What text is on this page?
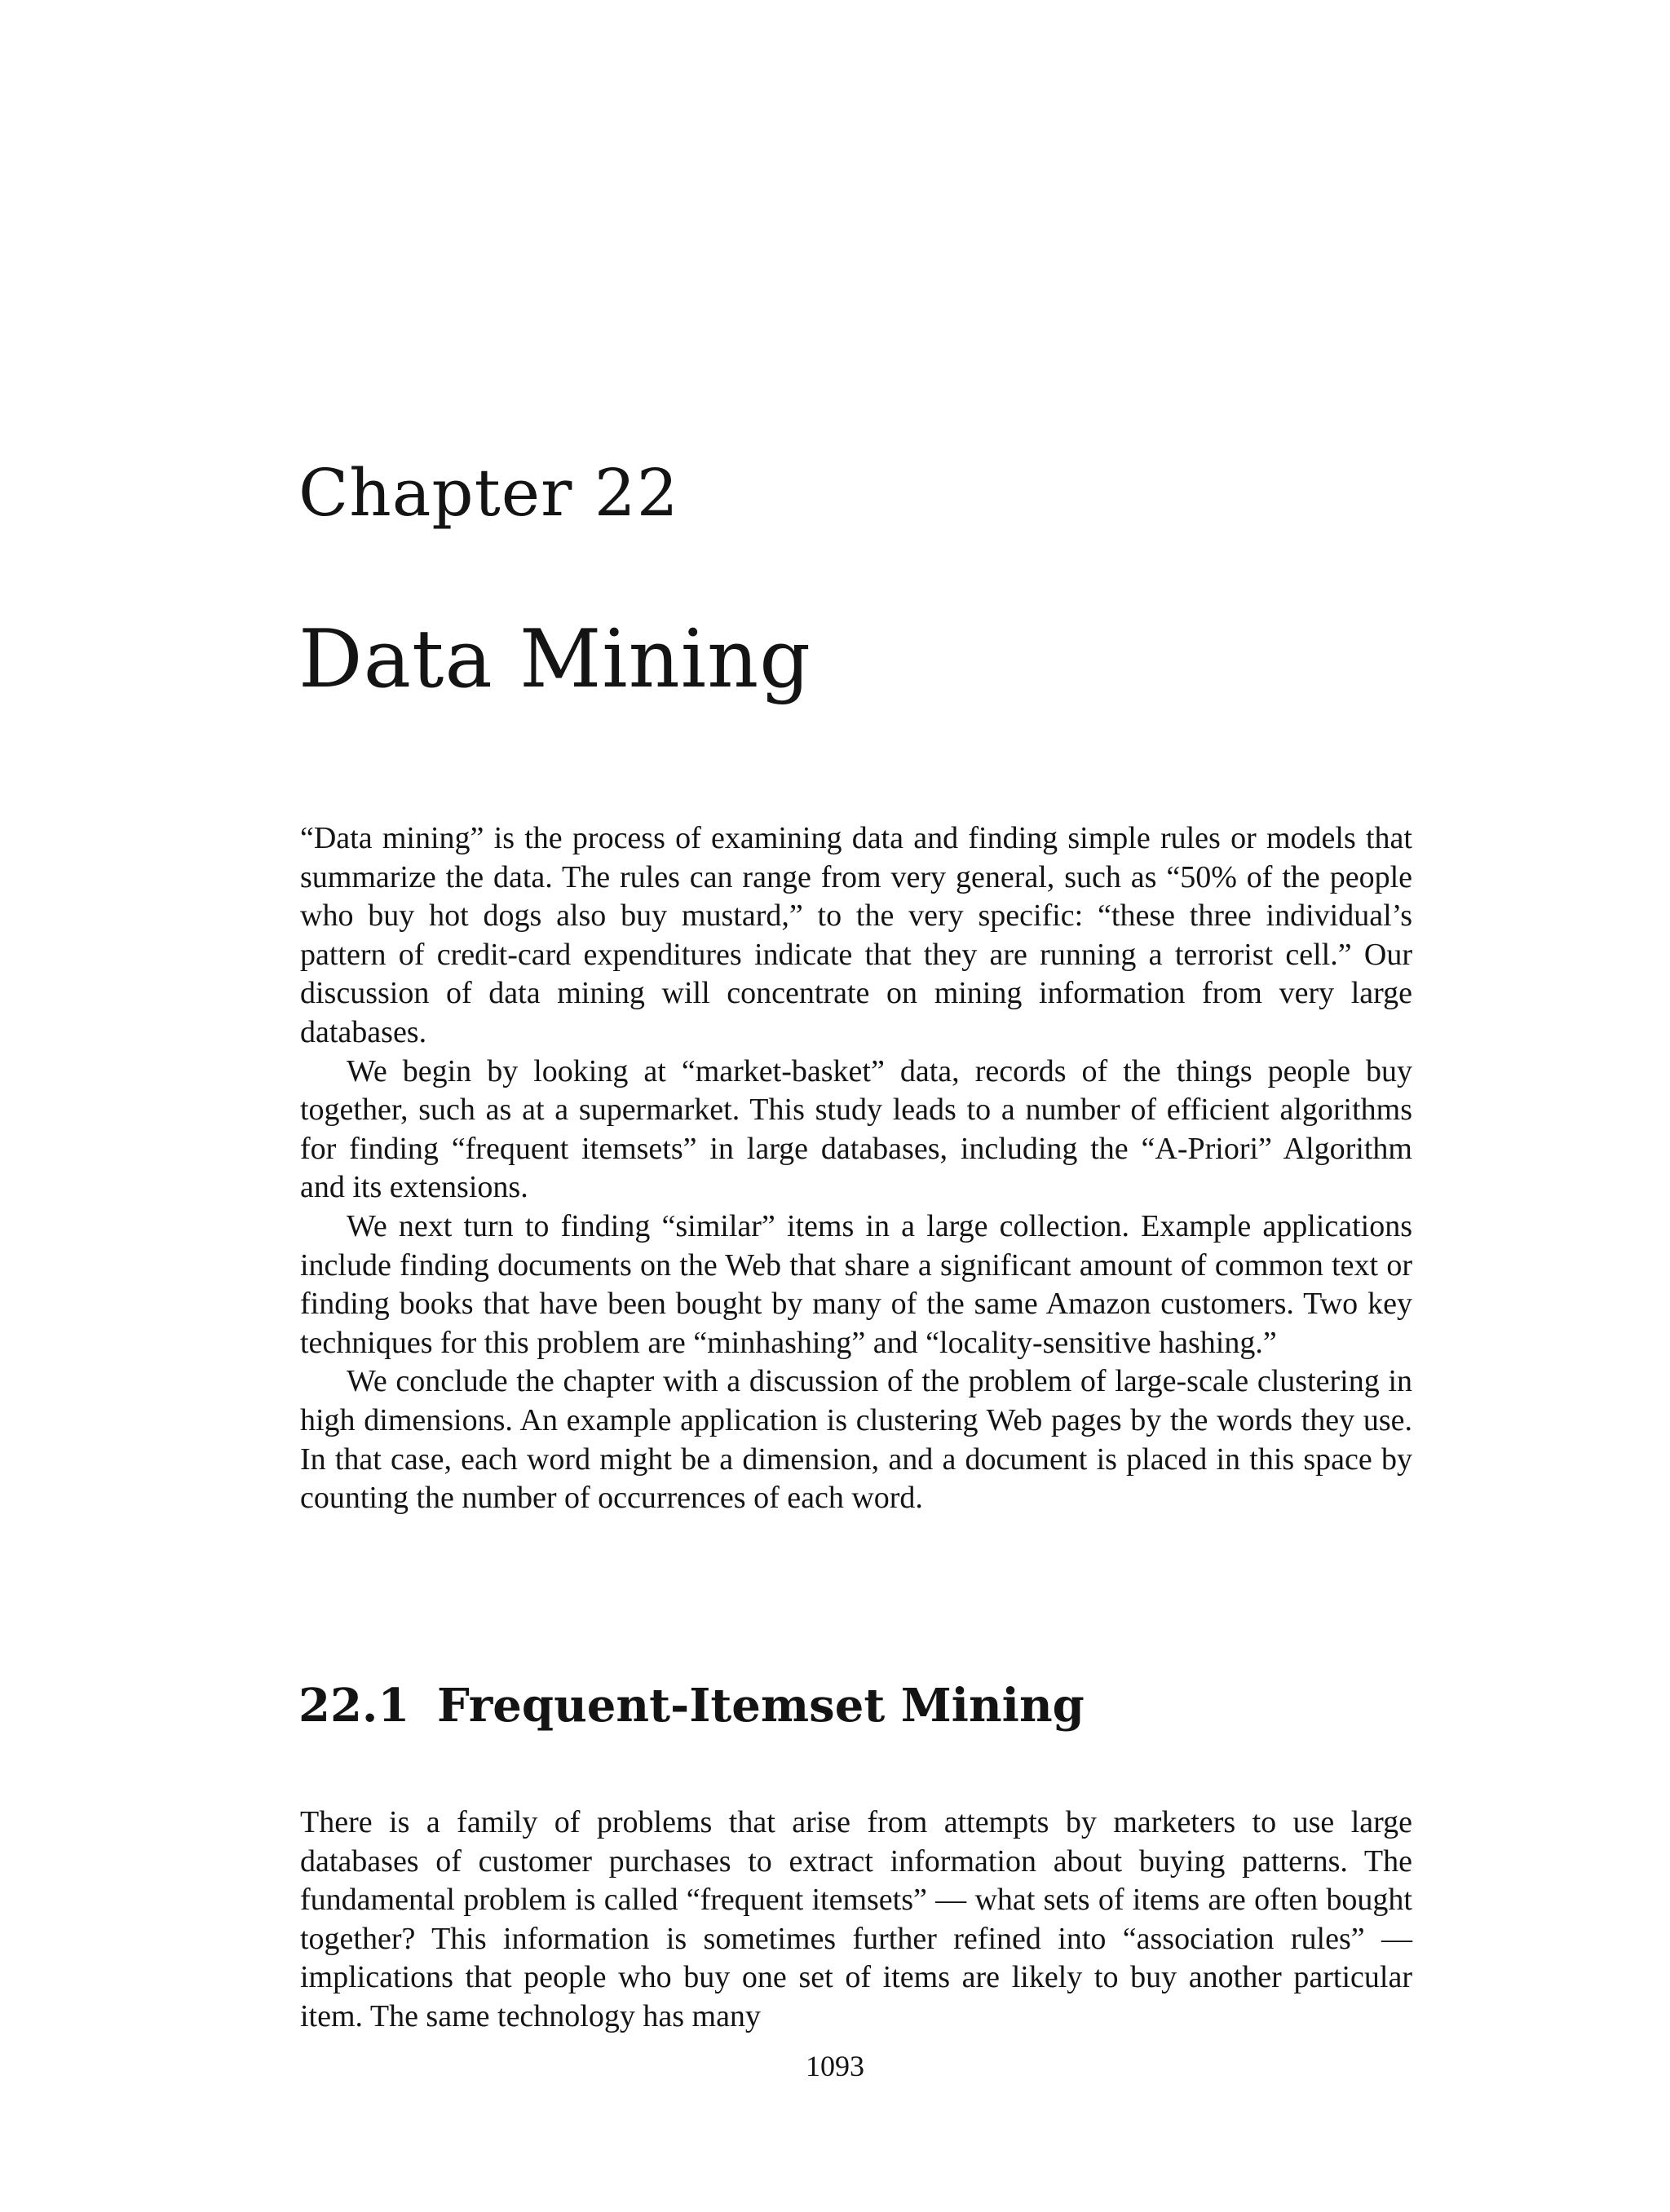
Chapter 22
Data Mining

“Data mining” is the process of examining data and finding simple rules or models that summarize the data. The rules can range from very general, such as “50% of the people who buy hot dogs also buy mustard,” to the very specific: “these three individual’s pattern of credit-card expenditures indicate that they are running a terrorist cell.” Our discussion of data mining will concentrate on mining information from very large databases.

We begin by looking at “market-basket” data, records of the things people buy together, such as at a supermarket. This study leads to a number of efficient algorithms for finding “frequent itemsets” in large databases, including the “A-Priori” Algorithm and its extensions.

We next turn to finding “similar” items in a large collection. Example applications include finding documents on the Web that share a significant amount of common text or finding books that have been bought by many of the same Amazon customers. Two key techniques for this problem are “minhashing” and “locality-sensitive hashing.”

We conclude the chapter with a discussion of the problem of large-scale clustering in high dimensions. An example application is clustering Web pages by the words they use. In that case, each word might be a dimension, and a document is placed in this space by counting the number of occurrences of each word.

22.1 Frequent-Itemset Mining

There is a family of problems that arise from attempts by marketers to use large databases of customer purchases to extract information about buying patterns. The fundamental problem is called “frequent itemsets” — what sets of items are often bought together? This information is sometimes further refined into “association rules” — implications that people who buy one set of items are likely to buy another particular item. The same technology has many

1093
